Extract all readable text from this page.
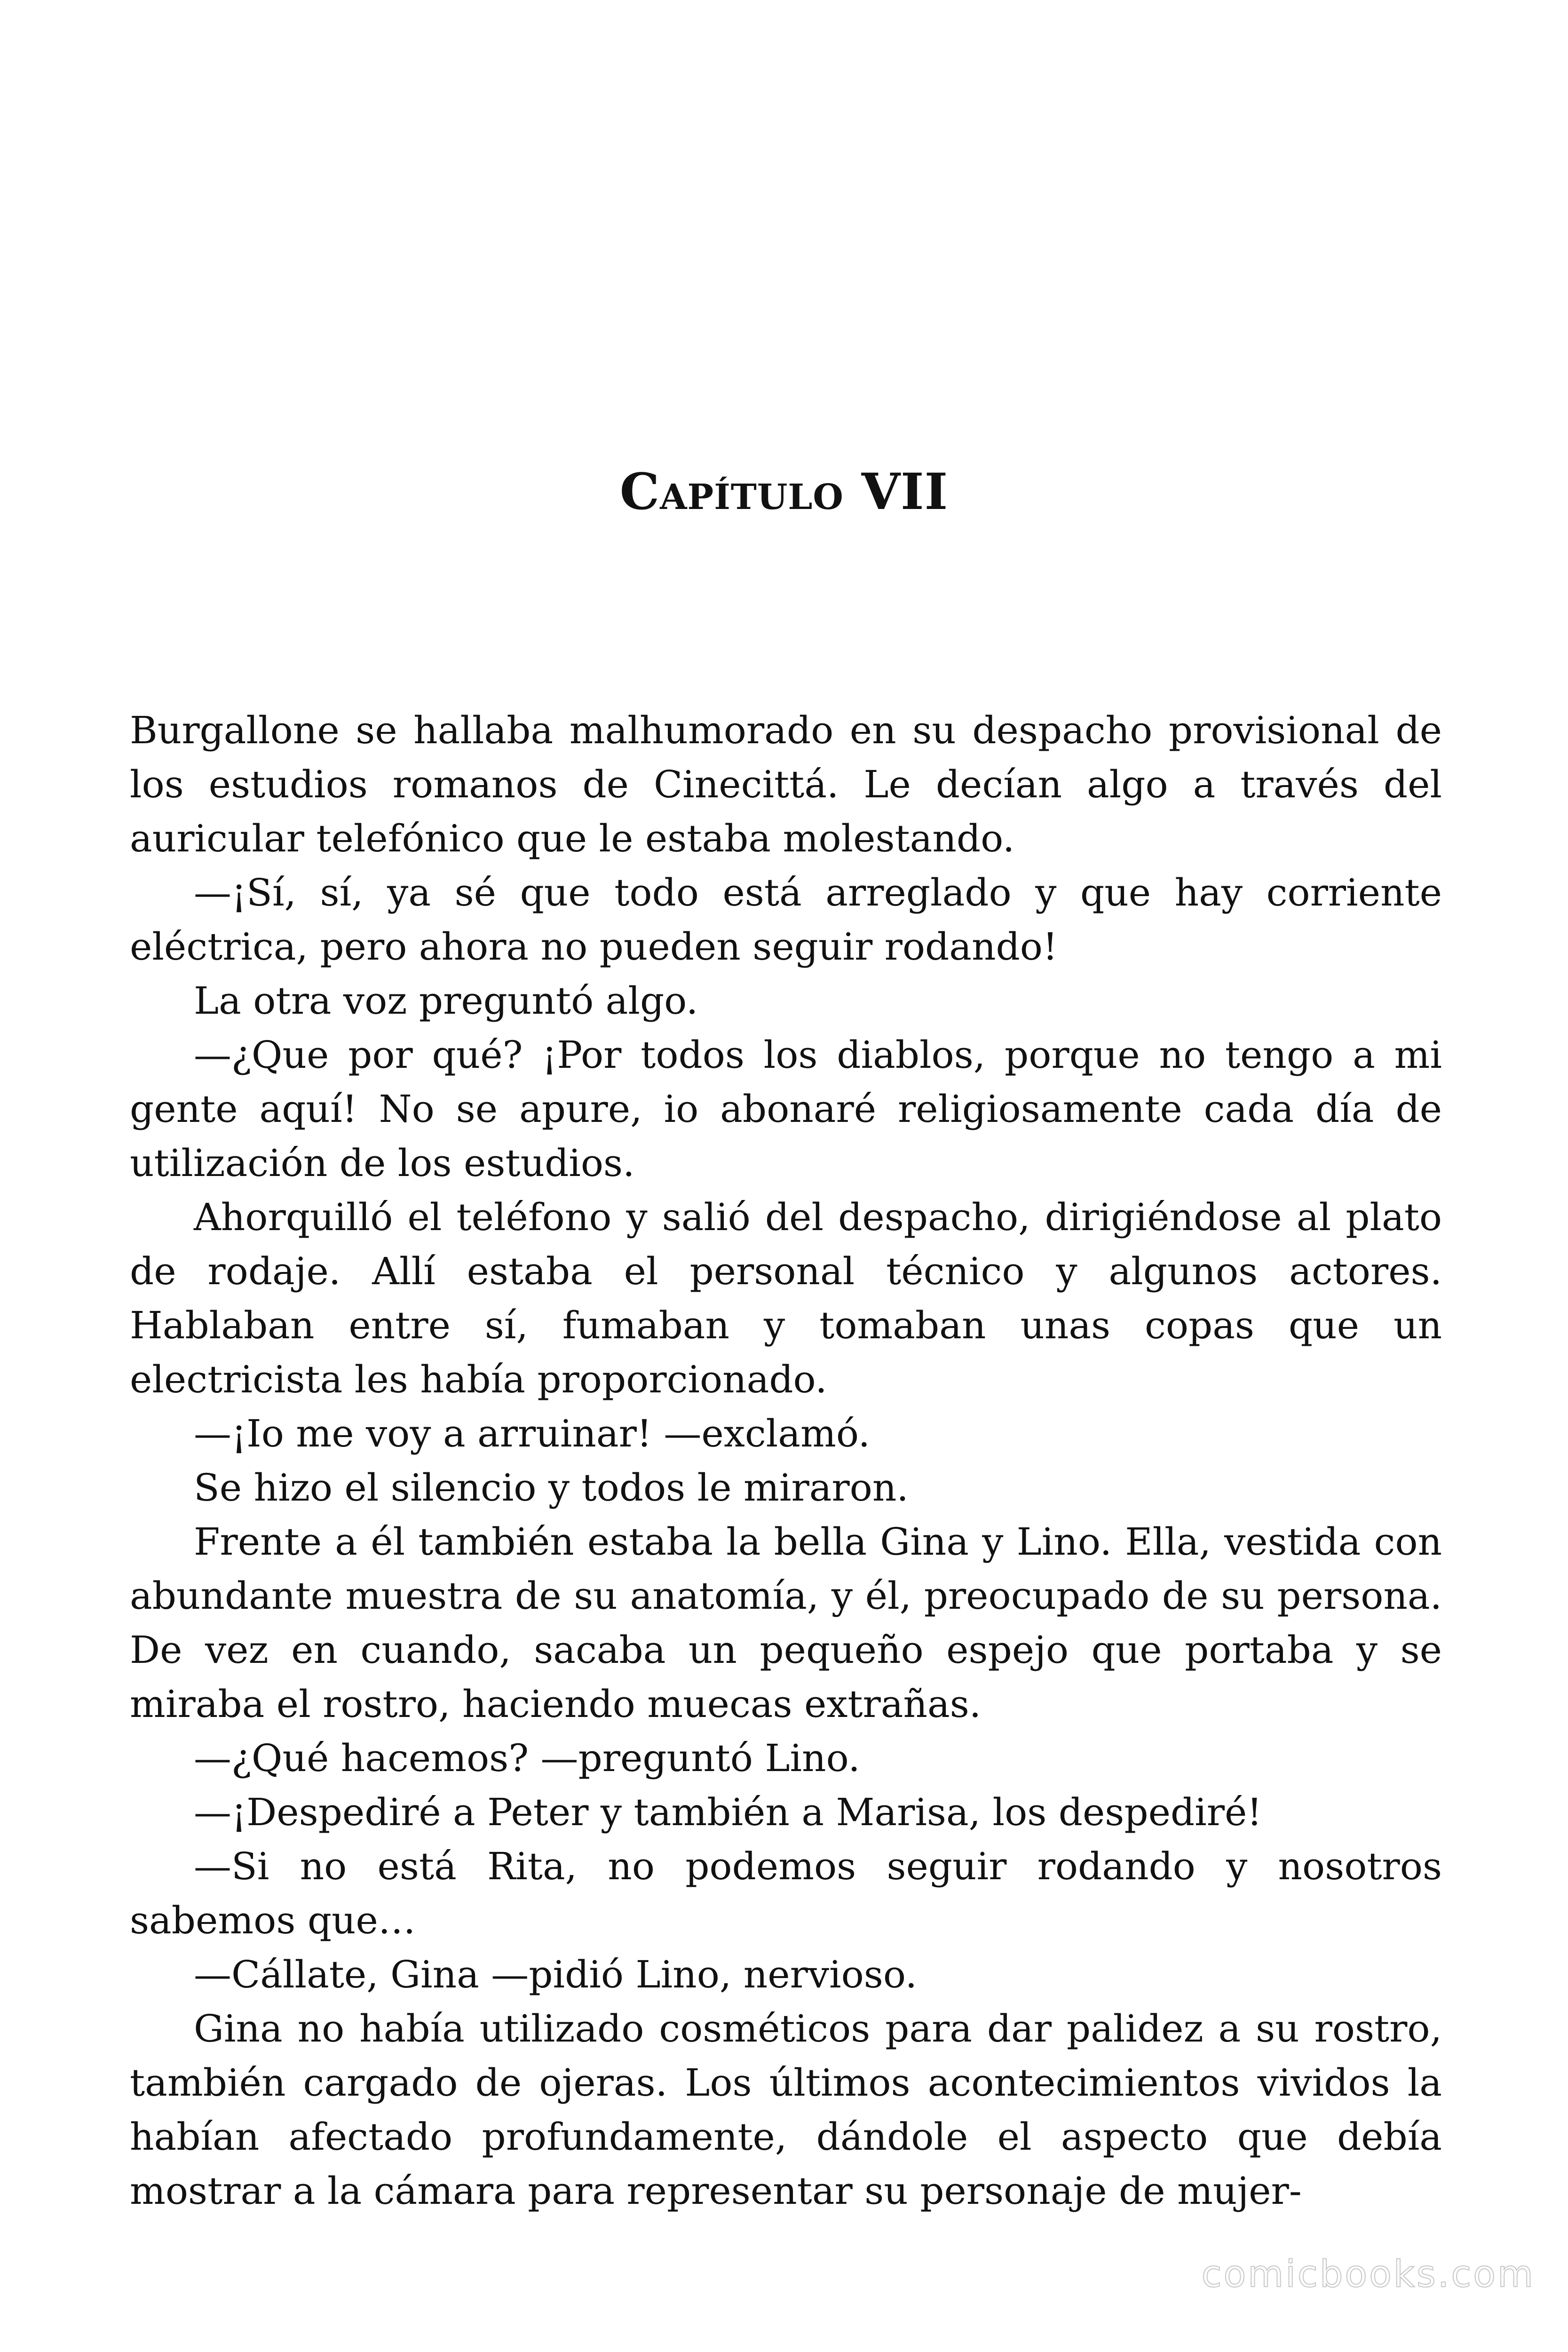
Capítulo VII

Burgallone se hallaba malhumorado en su despacho provisional de los estudios romanos de Cinecittá. Le decían algo a través del auricular telefónico que le estaba molestando.

—¡Sí, sí, ya sé que todo está arreglado y que hay corriente eléctrica, pero ahora no pueden seguir rodando!

La otra voz preguntó algo.

—¿Que por qué? ¡Por todos los diablos, porque no tengo a mi gente aquí! No se apure, io abonaré religiosamente cada día de utilización de los estudios.

Ahorquilló el teléfono y salió del despacho, dirigiéndose al plato de rodaje. Allí estaba el personal técnico y algunos actores. Hablaban entre sí, fumaban y tomaban unas copas que un electricista les había proporcionado.

—¡Io me voy a arruinar! —exclamó.

Se hizo el silencio y todos le miraron.

Frente a él también estaba la bella Gina y Lino. Ella, vestida con abundante muestra de su anatomía, y él, preocupado de su persona. De vez en cuando, sacaba un pequeño espejo que portaba y se miraba el rostro, haciendo muecas extrañas.

—¿Qué hacemos? —preguntó Lino.

—¡Despediré a Peter y también a Marisa, los despediré!

—Si no está Rita, no podemos seguir rodando y nosotros sabemos que…

—Cállate, Gina —pidió Lino, nervioso.

Gina no había utilizado cosméticos para dar palidez a su rostro, también cargado de ojeras. Los últimos acontecimientos vividos la habían afectado profundamente, dándole el aspecto que debía mostrar a la cámara para representar su personaje de mujer-

comicbooks.com
